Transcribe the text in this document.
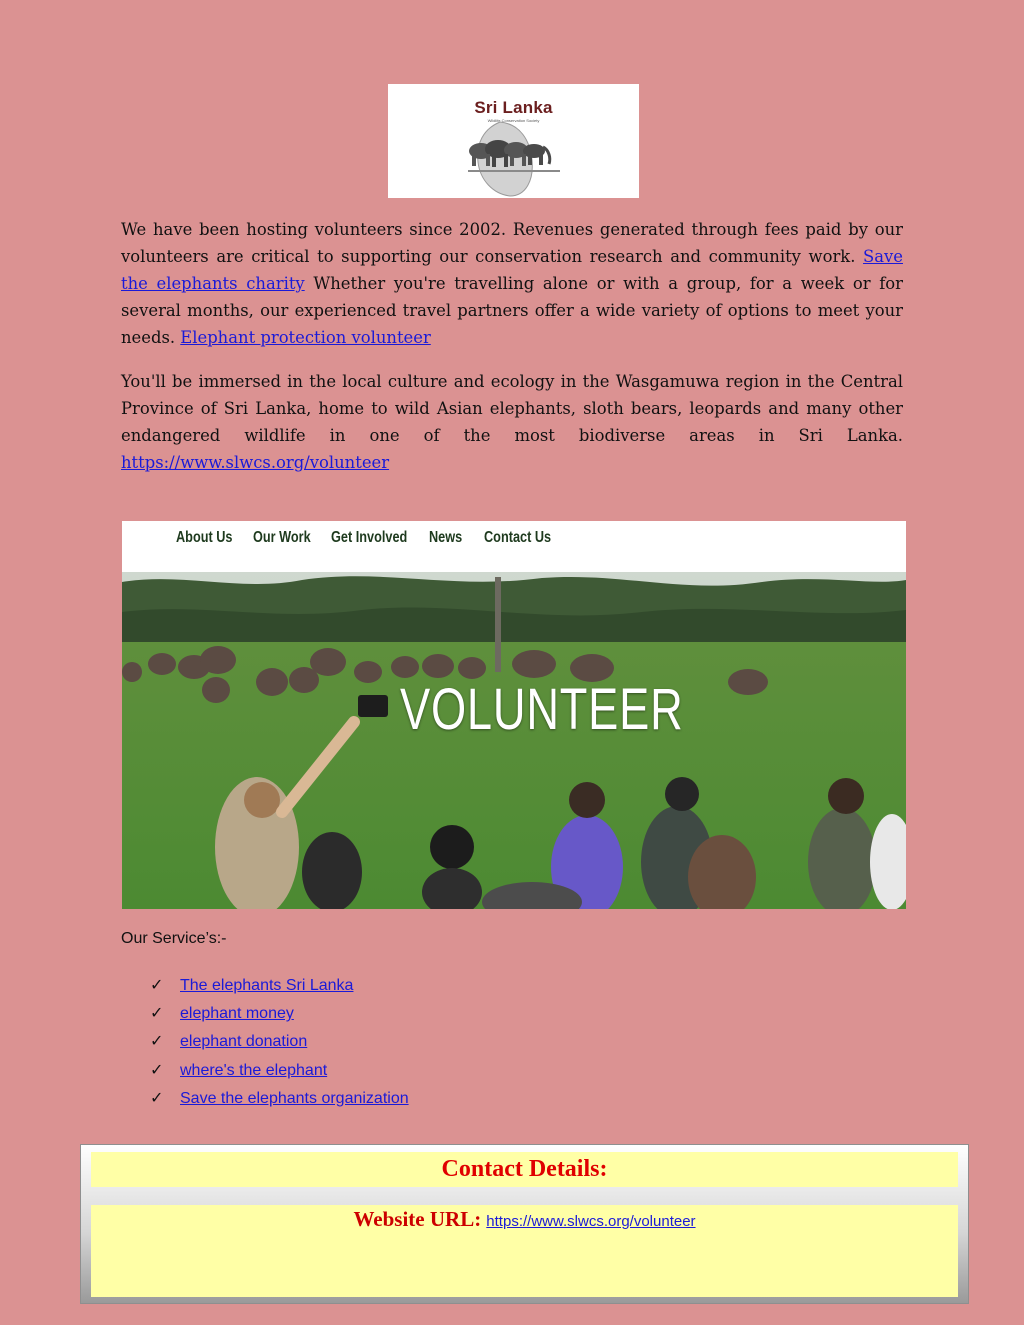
Sri Lanka
Wildlife Conservation Society

We have been hosting volunteers since 2002. Revenues generated through fees paid by our volunteers are critical to supporting our conservation research and community work. Save the elephants charity Whether you're travelling alone or with a group, for a week or for several months, our experienced travel partners offer a wide variety of options to meet your needs. Elephant protection volunteer

You'll be immersed in the local culture and ecology in the Wasgamuwa region in the Central Province of Sri Lanka, home to wild Asian elephants, sloth bears, leopards and many other endangered wildlife in one of the most biodiverse areas in Sri Lanka. https://www.slwcs.org/volunteer

About Us Our Work Get Involved News Contact Us
VOLUNTEER
Our Service’s:-
✓ The elephants Sri Lanka
✓ elephant money
✓ elephant donation
✓ where's the elephant
✓ Save the elephants organization
Contact Details:
Website URL: https://www.slwcs.org/volunteer
